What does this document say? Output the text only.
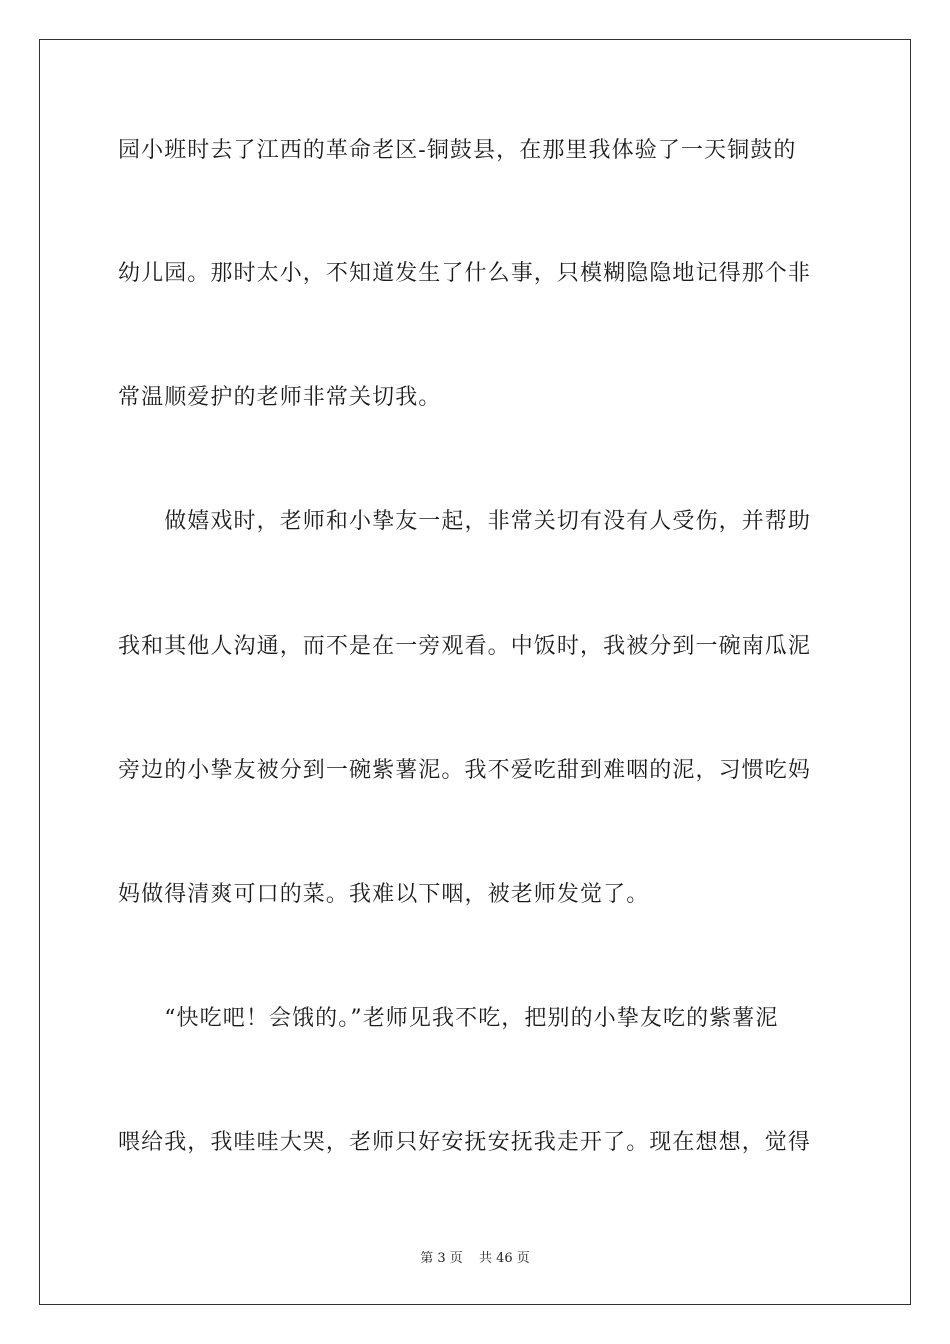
园小班时去了江西的革命老区-铜鼓县，在那里我体验了一天铜鼓的
幼儿园。那时太小，不知道发生了什么事，只模糊隐隐地记得那个非
常温顺爱护的老师非常关切我。
　　做嬉戏时，老师和小挚友一起，非常关切有没有人受伤，并帮助
我和其他人沟通，而不是在一旁观看。中饭时，我被分到一碗南瓜泥
旁边的小挚友被分到一碗紫薯泥。我不爱吃甜到难咽的泥，习惯吃妈
妈做得清爽可口的菜。我难以下咽，被老师发觉了。
　　“快吃吧！会饿的。”老师见我不吃，把别的小挚友吃的紫薯泥
喂给我，我哇哇大哭，老师只好安抚安抚我走开了。现在想想，觉得
第 3 页 共 46 页
